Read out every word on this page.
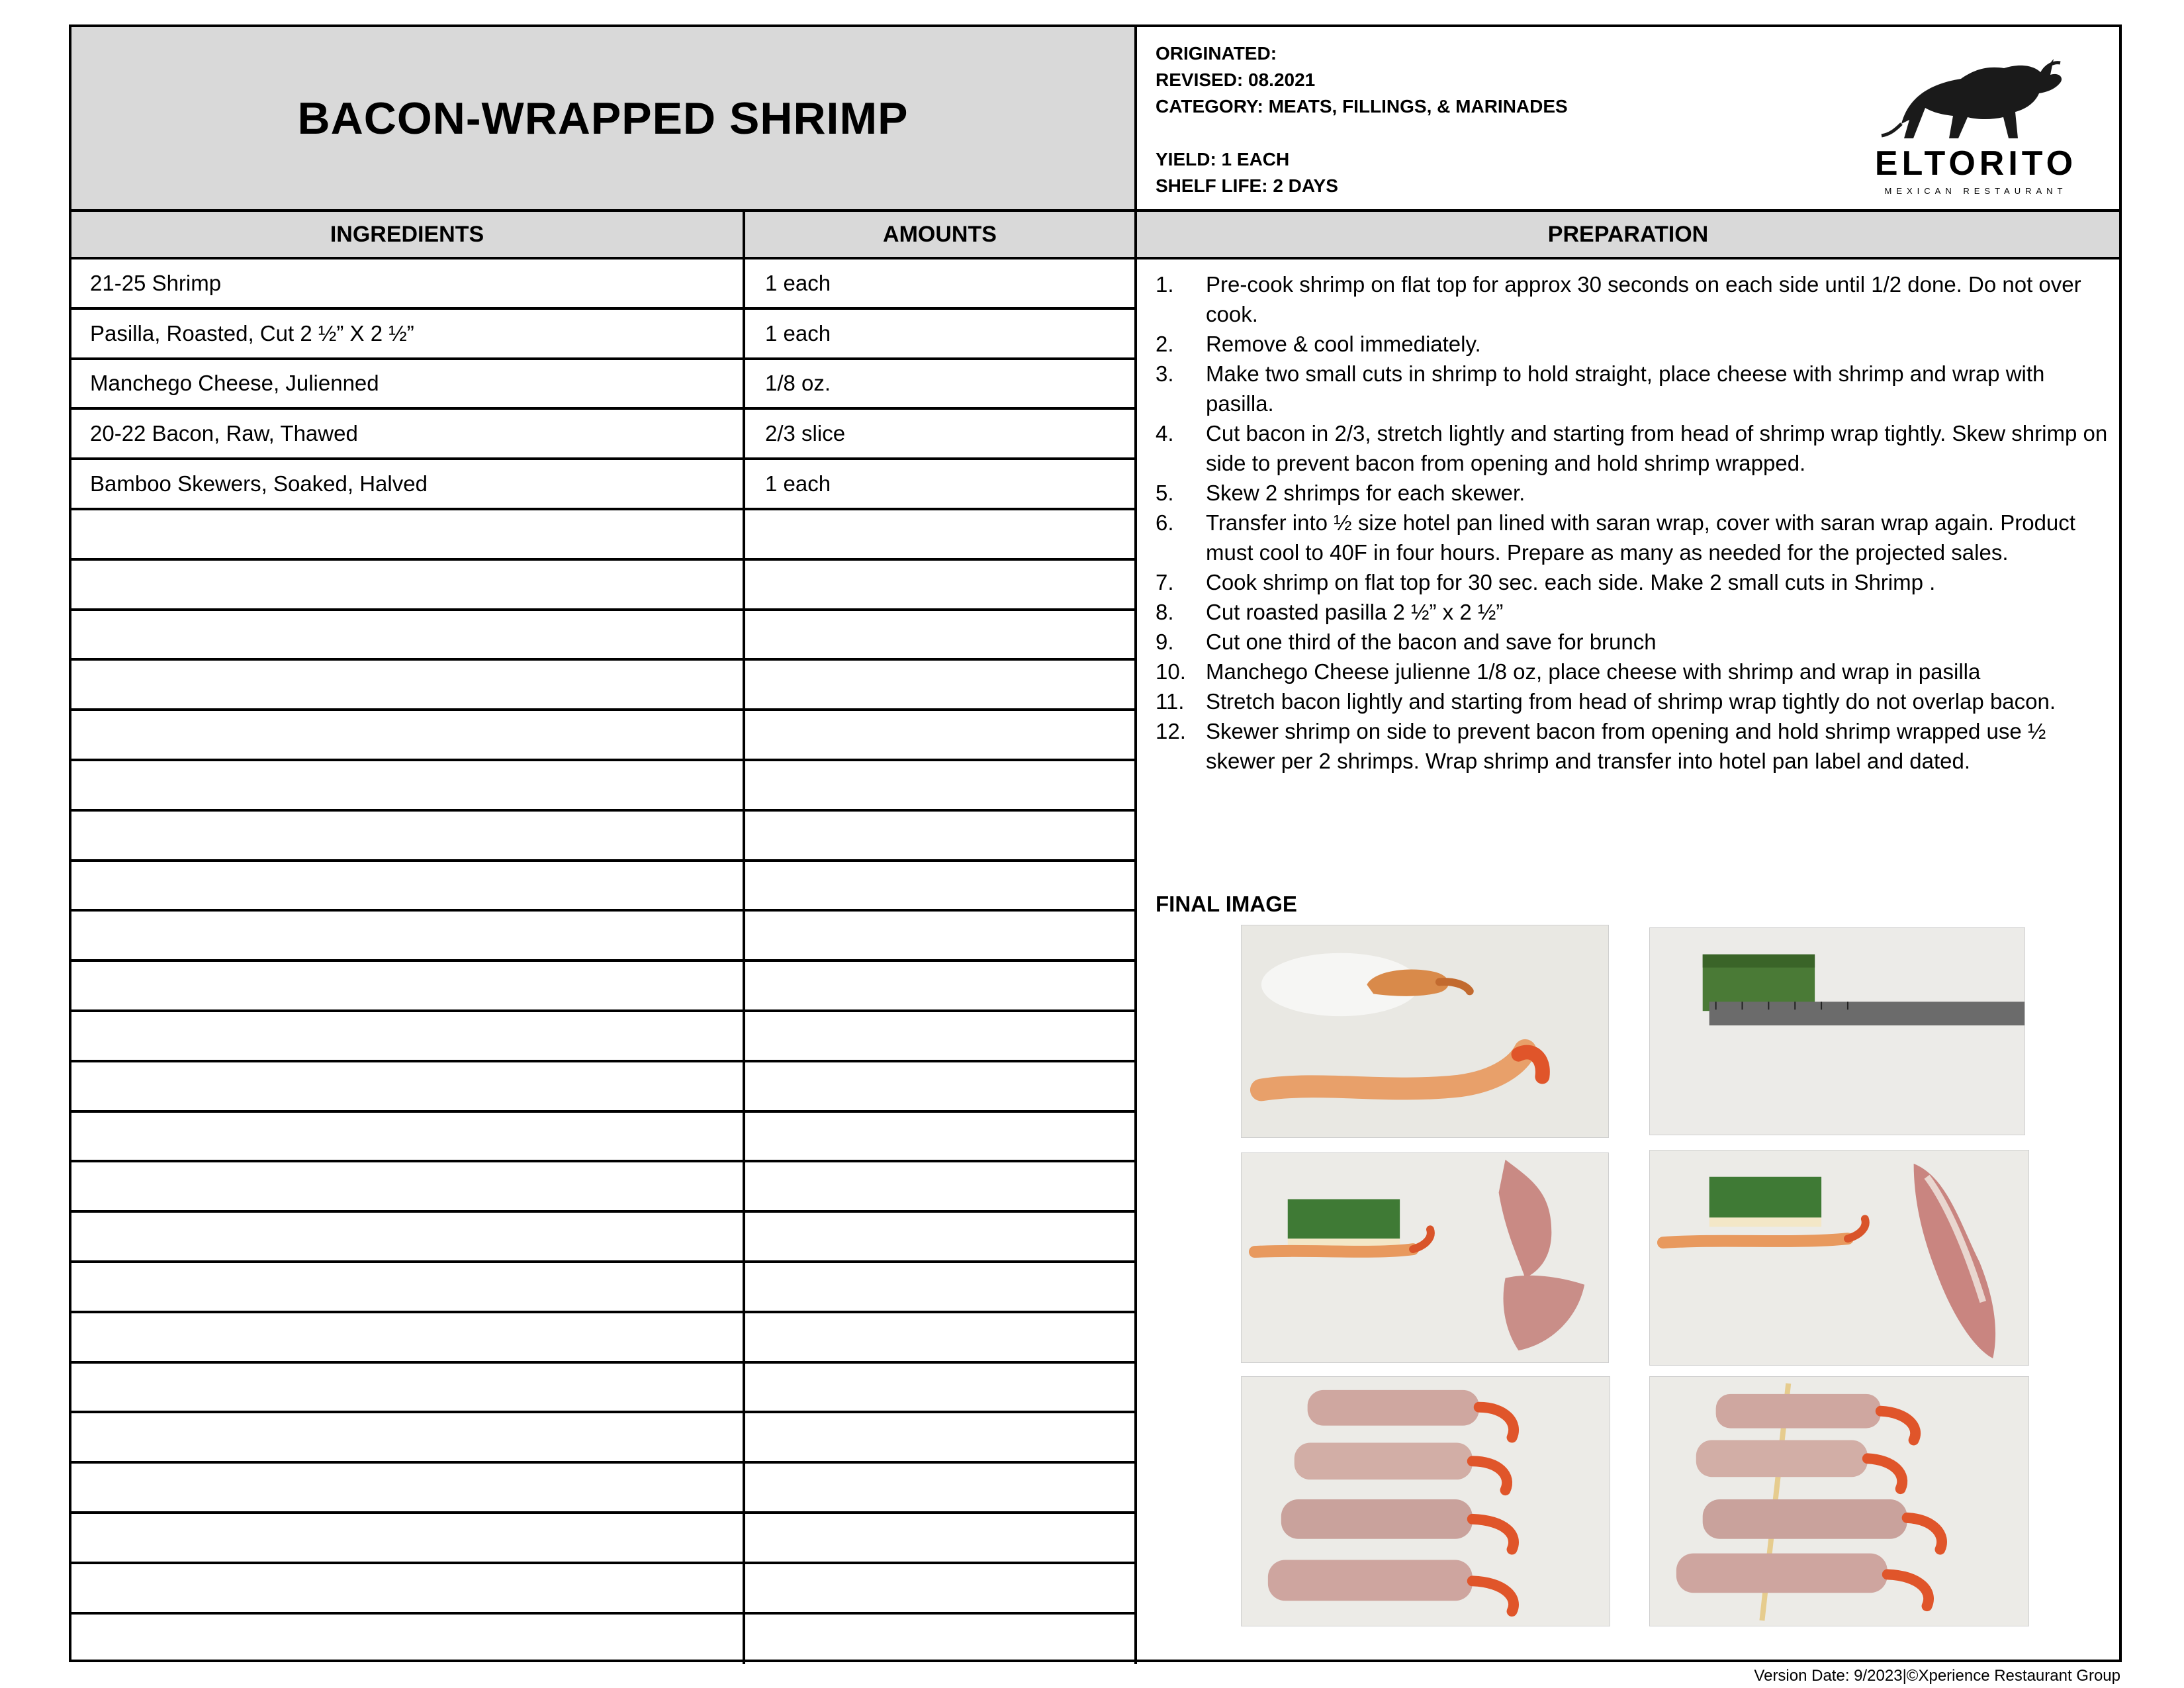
BACON-WRAPPED SHRIMP
ORIGINATED:
REVISED: 08.2021
CATEGORY: MEATS, FILLINGS, & MARINADES
YIELD: 1 EACH
SHELF LIFE: 2 DAYS
ELTORITO
MEXICAN RESTAURANT
INGREDIENTS	AMOUNTS	PREPARATION
21-25 Shrimp	1 each
Pasilla, Roasted, Cut 2 ½” X 2 ½”	1 each
Manchego Cheese, Julienned	1/8 oz.
20-22 Bacon, Raw, Thawed	2/3 slice
Bamboo Skewers, Soaked, Halved	1 each
1. Pre-cook shrimp on flat top for approx 30 seconds on each side until 1/2 done. Do not over cook.
2. Remove & cool immediately.
3. Make two small cuts in shrimp to hold straight, place cheese with shrimp and wrap with pasilla.
4. Cut bacon in 2/3, stretch lightly and starting from head of shrimp wrap tightly. Skew shrimp on side to prevent bacon from opening and hold shrimp wrapped.
5. Skew 2 shrimps for each skewer.
6. Transfer into ½ size hotel pan lined with saran wrap, cover with saran wrap again. Product must cool to 40F in four hours. Prepare as many as needed for the projected sales.
7. Cook shrimp on flat top for 30 sec. each side. Make 2 small cuts in Shrimp .
8. Cut roasted pasilla 2 ½” x 2 ½”
9. Cut one third of the bacon and save for brunch
10. Manchego Cheese julienne 1/8 oz, place cheese with shrimp and wrap in pasilla
11. Stretch bacon lightly and starting from head of shrimp wrap tightly do not overlap bacon.
12. Skewer shrimp on side to prevent bacon from opening and hold shrimp wrapped use ½ skewer per 2 shrimps. Wrap shrimp and transfer into hotel pan label and dated.
FINAL IMAGE
Version Date: 9/2023|©Xperience Restaurant Group
